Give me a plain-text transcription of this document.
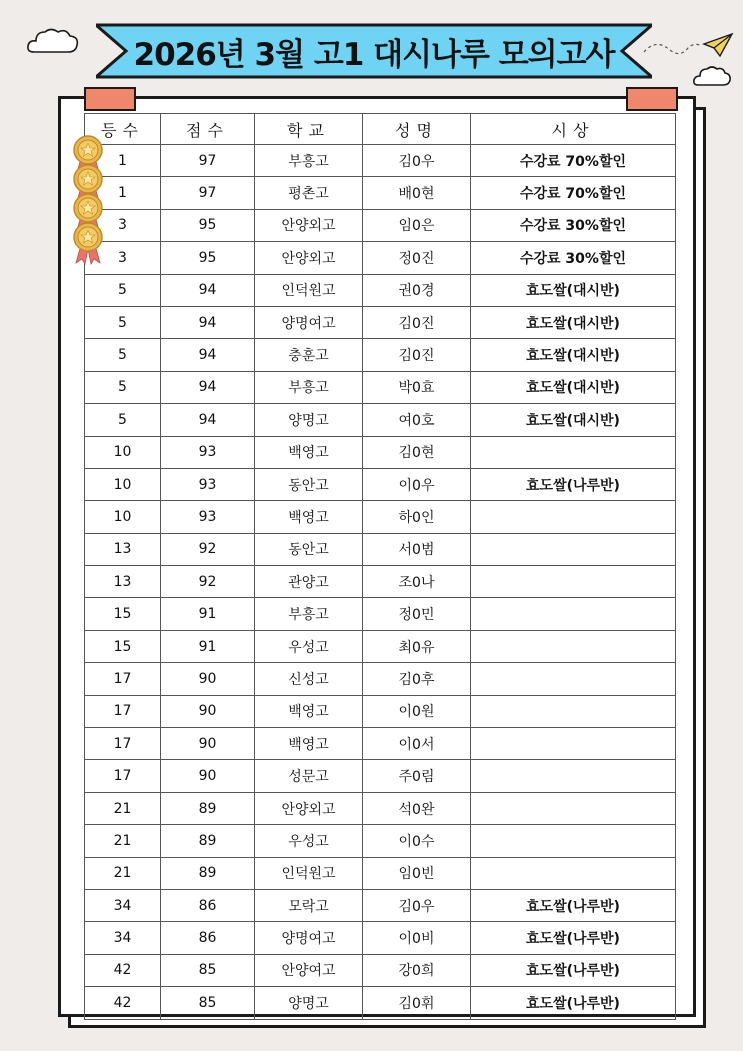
2026년 3월 고1 대시나루 모의고사
등수	점수	학교	성명	시상
1	97	부흥고	김0우	수강료 70%할인
1	97	평촌고	배0현	수강료 70%할인
3	95	안양외고	임0은	수강료 30%할인
3	95	안양외고	정0진	수강료 30%할인
5	94	인덕원고	권0경	효도쌀(대시반)
5	94	양명여고	김0진	효도쌀(대시반)
5	94	충훈고	김0진	효도쌀(대시반)
5	94	부흥고	박0효	효도쌀(대시반)
5	94	양명고	여0호	효도쌀(대시반)
10	93	백영고	김0현	
10	93	동안고	이0우	효도쌀(나루반)
10	93	백영고	하0인	
13	92	동안고	서0범	
13	92	관양고	조0나	
15	91	부흥고	정0민	
15	91	우성고	최0유	
17	90	신성고	김0후	
17	90	백영고	이0원	
17	90	백영고	이0서	
17	90	성문고	주0림	
21	89	안양외고	석0완	
21	89	우성고	이0수	
21	89	인덕원고	임0빈	
34	86	모락고	김0우	효도쌀(나루반)
34	86	양명여고	이0비	효도쌀(나루반)
42	85	안양여고	강0희	효도쌀(나루반)
42	85	양명고	김0휘	효도쌀(나루반)
